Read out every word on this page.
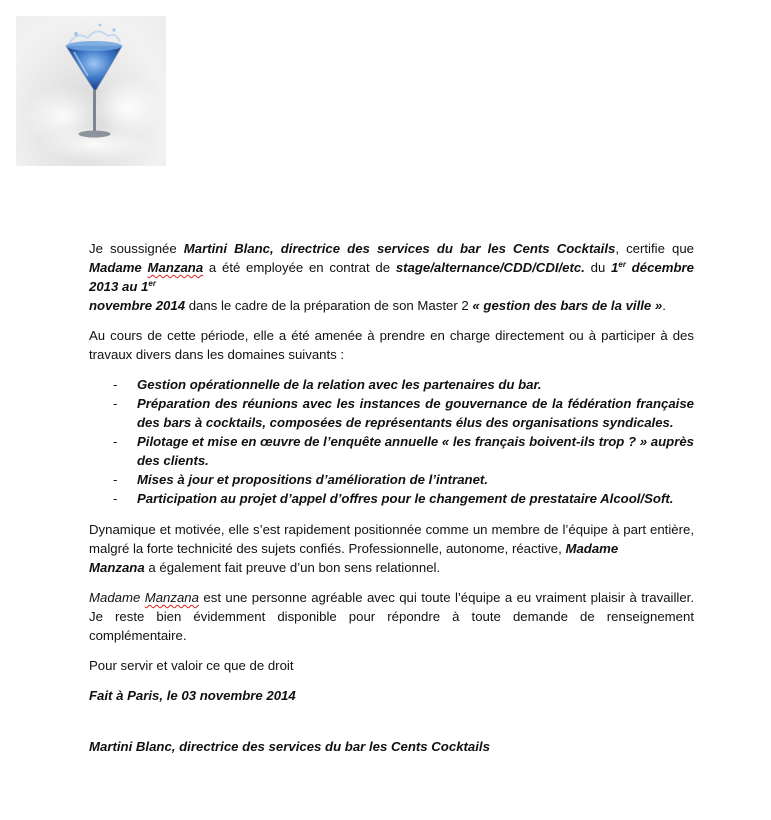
Je soussignée Martini Blanc, directrice des services du bar les Cents Cocktails, certifie que Madame Manzana a été employée en contrat de stage/alternance/CDD/CDI/etc. du 1er décembre 2013 au 1er
novembre 2014 dans le cadre de la préparation de son Master 2 « gestion des bars de la ville ».

Au cours de cette période, elle a été amenée à prendre en charge directement ou à participer à des travaux divers dans les domaines suivants :

- Gestion opérationnelle de la relation avec les partenaires du bar.
- Préparation des réunions avec les instances de gouvernance de la fédération française des bars à cocktails, composées de représentants élus des organisations syndicales.
- Pilotage et mise en œuvre de l’enquête annuelle « les français boivent-ils trop ? » auprès des clients.
- Mises à jour et propositions d’amélioration de l’intranet.
- Participation au projet d’appel d’offres pour le changement de prestataire Alcool/Soft.

Dynamique et motivée, elle s’est rapidement positionnée comme un membre de l’équipe à part entière, malgré la forte technicité des sujets confiés. Professionnelle, autonome, réactive, Madame
Manzana a également fait preuve d’un bon sens relationnel.

Madame Manzana est une personne agréable avec qui toute l’équipe a eu vraiment plaisir à travailler. Je reste bien évidemment disponible pour répondre à toute demande de renseignement complémentaire.

Pour servir et valoir ce que de droit

Fait à Paris, le 03 novembre 2014

Martini Blanc, directrice des services du bar les Cents Cocktails
